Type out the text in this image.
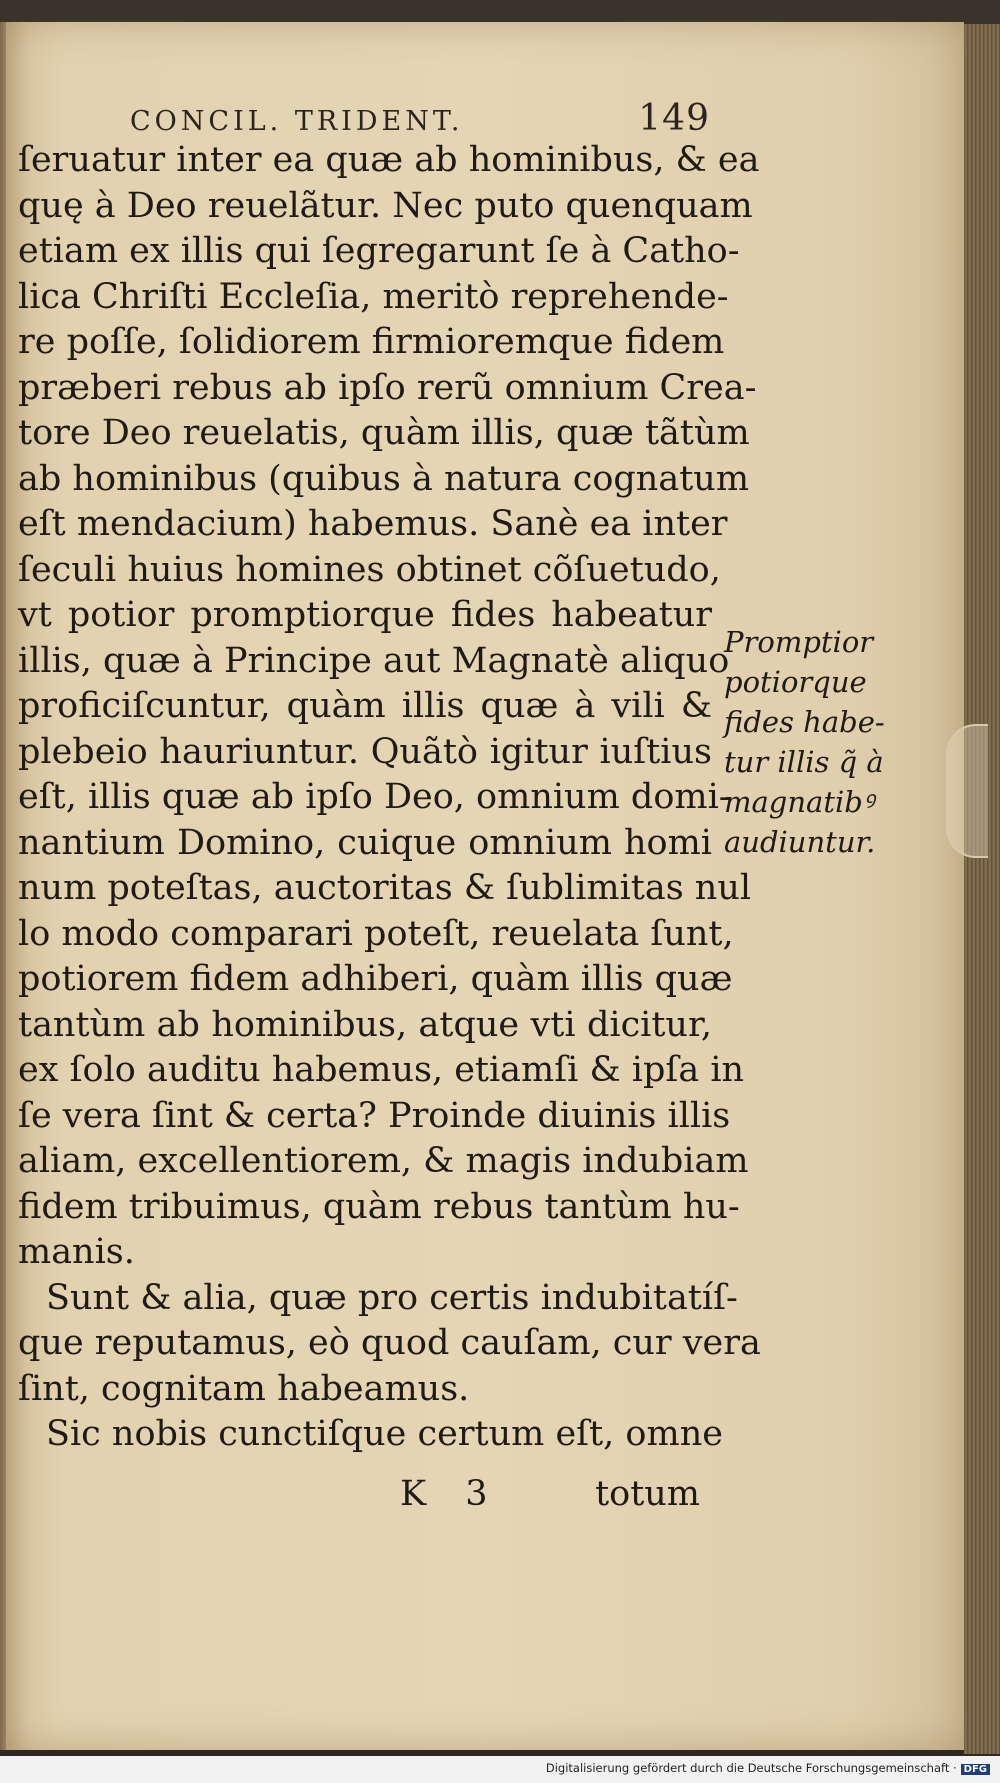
CONCIL. TRIDENT.	149
ſeruatur inter ea quæ ab hominibus, & ea
quę à Deo reuelãtur. Nec puto quenquam
etiam ex illis qui ſegregarunt ſe à Catho-
lica Chriſti Eccleſia, meritò reprehende-
re poſſe, ſolidiorem firmioremque fidem
præberi rebus ab ipſo rerũ omnium Crea-
tore Deo reuelatis, quàm illis, quæ tãtùm
ab hominibus (quibus à natura cognatum
eſt mendacium) habemus. Sanè ea inter
ſeculi huius homines obtinet cõſuetudo,
vt potior promptiorque fides habeatur
illis, quæ à Principe aut Magnatè aliquo
proficiſcuntur, quàm illis quæ à vili &
plebeio hauriuntur. Quãtò igitur iuſtius
eſt, illis quæ ab ipſo Deo, omnium domi-
nantium Domino, cuique omnium homi
num poteſtas, auctoritas & ſublimitas nul
lo modo comparari poteſt, reuelata ſunt,
potiorem fidem adhiberi, quàm illis quæ
tantùm ab hominibus, atque vti dicitur,
ex ſolo auditu habemus, etiamſi & ipſa in
ſe vera ſint & certa? Proinde diuinis illis
aliam, excellentiorem, & magis indubiam
fidem tribuimus, quàm rebus tantùm hu-
manis.
Sunt & alia, quæ pro certis indubitatíſ-
que reputamus, eò quod cauſam, cur vera
ſint, cognitam habeamus.
Sic nobis cunctiſque certum eſt, omne
Promptior
potiorque
fides habe-
tur illis q̃ à
magnatibꝰ
audiuntur.
K 3	totum
Digitalisierung gefördert durch die Deutsche Forschungsgemeinschaft · DFG
